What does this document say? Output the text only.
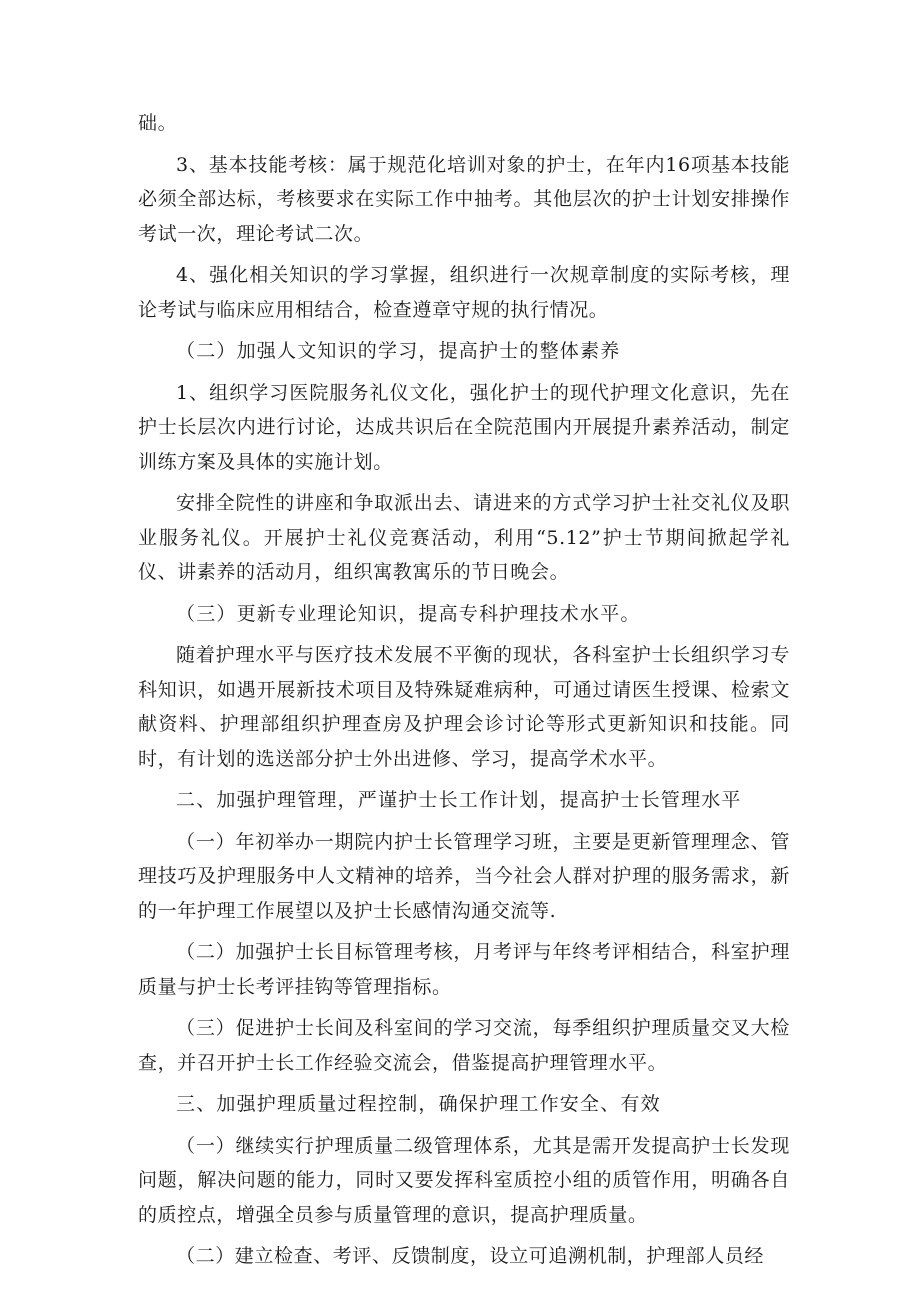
础。

3、基本技能考核：属于规范化培训对象的护士，在年内16项基本技能必须全部达标，考核要求在实际工作中抽考。其他层次的护士计划安排操作考试一次，理论考试二次。

4、强化相关知识的学习掌握，组织进行一次规章制度的实际考核，理论考试与临床应用相结合，检查遵章守规的执行情况。

（二）加强人文知识的学习，提高护士的整体素养

1、组织学习医院服务礼仪文化，强化护士的现代护理文化意识，先在护士长层次内进行讨论，达成共识后在全院范围内开展提升素养活动，制定训练方案及具体的实施计划。

安排全院性的讲座和争取派出去、请进来的方式学习护士社交礼仪及职业服务礼仪。开展护士礼仪竞赛活动，利用“5.12”护士节期间掀起学礼仪、讲素养的活动月，组织寓教寓乐的节日晚会。

（三）更新专业理论知识，提高专科护理技术水平。

随着护理水平与医疗技术发展不平衡的现状，各科室护士长组织学习专科知识，如遇开展新技术项目及特殊疑难病种，可通过请医生授课、检索文献资料、护理部组织护理查房及护理会诊讨论等形式更新知识和技能。同时，有计划的选送部分护士外出进修、学习，提高学术水平。

二、加强护理管理，严谨护士长工作计划，提高护士长管理水平

（一）年初举办一期院内护士长管理学习班，主要是更新管理理念、管理技巧及护理服务中人文精神的培养，当今社会人群对护理的服务需求，新的一年护理工作展望以及护士长感情沟通交流等.

（二）加强护士长目标管理考核，月考评与年终考评相结合，科室护理质量与护士长考评挂钩等管理指标。

（三）促进护士长间及科室间的学习交流，每季组织护理质量交叉大检查，并召开护士长工作经验交流会，借鉴提高护理管理水平。

三、加强护理质量过程控制，确保护理工作安全、有效

（一）继续实行护理质量二级管理体系，尤其是需开发提高护士长发现问题，解决问题的能力，同时又要发挥科室质控小组的质管作用，明确各自的质控点，增强全员参与质量管理的意识，提高护理质量。

（二）建立检查、考评、反馈制度，设立可追溯机制，护理部人员经
